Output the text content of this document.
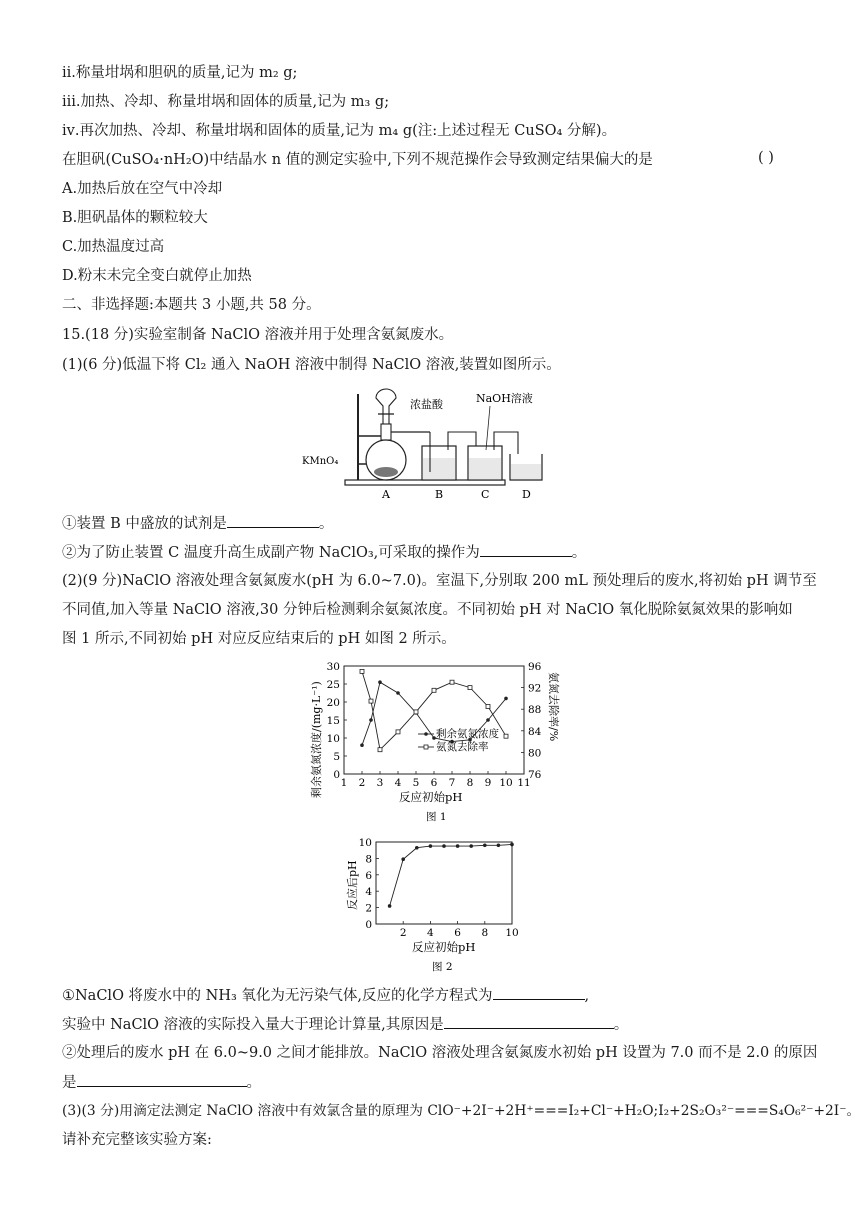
ⅱ.称量坩埚和胆矾的质量,记为 m₂ g;
ⅲ.加热、冷却、称量坩埚和固体的质量,记为 m₃ g;
ⅳ.再次加热、冷却、称量坩埚和固体的质量,记为 m₄ g(注:上述过程无 CuSO₄ 分解)。
在胆矾(CuSO₄·nH₂O)中结晶水 n 值的测定实验中,下列不规范操作会导致测定结果偏大的是	( )
A.加热后放在空气中冷却
B.胆矾晶体的颗粒较大
C.加热温度过高
D.粉末未完全变白就停止加热
二、非选择题:本题共 3 小题,共 58 分。
15.(18 分)实验室制备 NaClO 溶液并用于处理含氨氮废水。
(1)(6 分)低温下将 Cl₂ 通入 NaOH 溶液中制得 NaClO 溶液,装置如图所示。
浓盐酸	NaOH溶液
KMnO₄
A	B	C	D
①装置 B 中盛放的试剂是	。
②为了防止装置 C 温度升高生成副产物 NaClO₃,可采取的操作为	。
(2)(9 分)NaClO 溶液处理含氨氮废水(pH 为 6.0~7.0)。室温下,分别取 200 mL 预处理后的废水,将初始 pH 调节至
不同值,加入等量 NaClO 溶液,30 分钟后检测剩余氨氮浓度。不同初始 pH 对 NaClO 氧化脱除氨氮效果的影响如
图 1 所示,不同初始 pH 对应反应结束后的 pH 如图 2 所示。
1 2 3 4 5 6 7 8 9 10 11
0
5
10
15
20
25
30
76
80
84
88
92
96
剩余氨氮浓度
氨氮去除率
反应初始pH
图 1
剩余氨氮浓度/(mg·L⁻¹)	氨氮去除率/%
2 4 6 8 10
0
2
4
6
8
10
反应初始pH
图 2
反应后pH
①NaClO 将废水中的 NH₃ 氧化为无污染气体,反应的化学方程式为	,
实验中 NaClO 溶液的实际投入量大于理论计算量,其原因是	。
②处理后的废水 pH 在 6.0~9.0 之间才能排放。NaClO 溶液处理含氨氮废水初始 pH 设置为 7.0 而不是 2.0 的原因
是	。
(3)(3 分)用滴定法测定 NaClO 溶液中有效氯含量的原理为 ClO⁻+2I⁻+2H⁺===I₂+Cl⁻+H₂O;I₂+2S₂O₃²⁻===S₄O₆²⁻+2I⁻。
请补充完整该实验方案:
